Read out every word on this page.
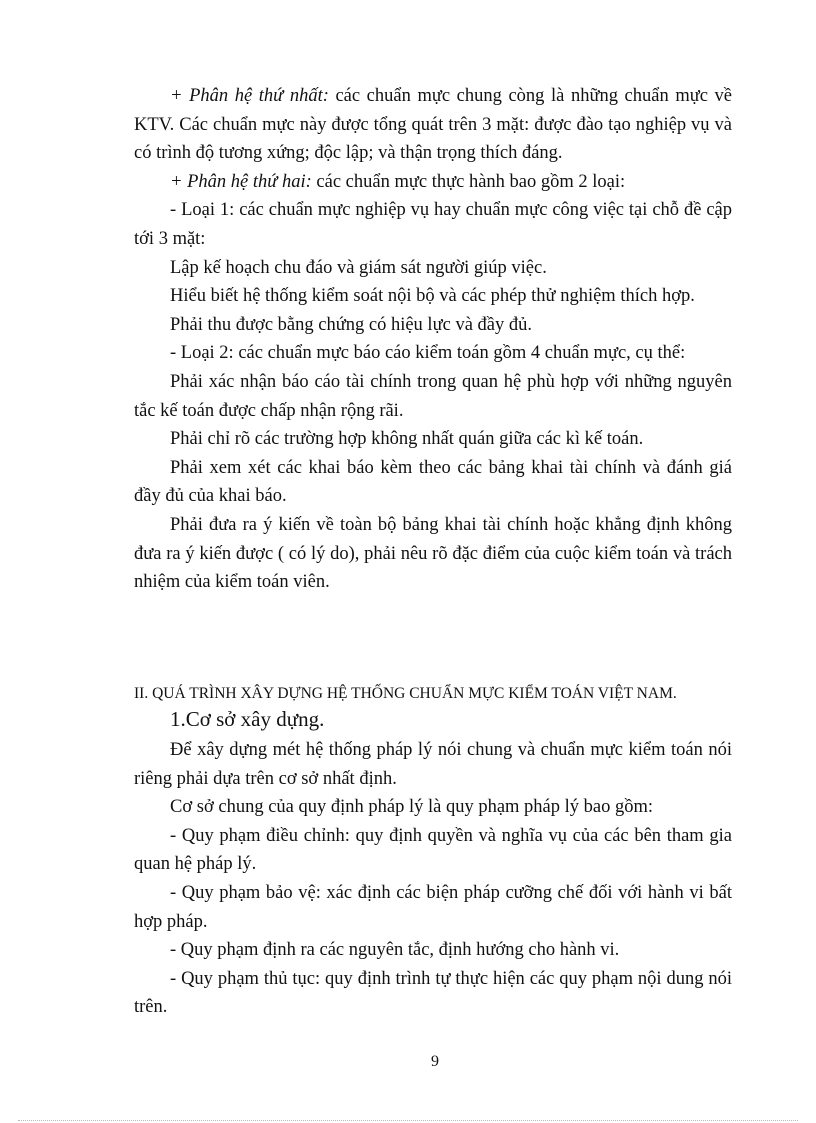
+ Phân hệ thứ nhất: các chuẩn mực chung còng là những chuẩn mực về KTV. Các chuẩn mực này được tổng quát trên 3 mặt: được đào tạo nghiệp vụ và có trình độ tương xứng; độc lập; và thận trọng thích đáng.

+ Phân hệ thứ hai: các chuẩn mực thực hành bao gồm 2 loại:

- Loại 1: các chuẩn mực nghiệp vụ hay chuẩn mực công việc tại chỗ đề cập tới 3 mặt:

Lập kế hoạch chu đáo và giám sát người giúp việc.

Hiểu biết hệ thống kiểm soát nội bộ và các phép thử nghiệm thích hợp.

Phải thu được bằng chứng có hiệu lực và đầy đủ.

- Loại 2: các chuẩn mực báo cáo kiểm toán gồm 4 chuẩn mực, cụ thể:

Phải xác nhận báo cáo tài chính trong quan hệ phù hợp với những nguyên tắc kế toán được chấp nhận rộng rãi.

Phải chỉ rõ các trường hợp không nhất quán giữa các kì kế toán.

Phải xem xét các khai báo kèm theo các bảng khai tài chính và đánh giá đầy đủ của khai báo.

Phải đưa ra ý kiến về toàn bộ bảng khai tài chính hoặc khẳng định không đưa ra ý kiến được ( có lý do), phải nêu rõ đặc điểm của cuộc kiểm toán và trách nhiệm của kiểm toán viên.

II. QUÁ TRÌNH XÂY DỰNG HỆ THỐNG CHUẨN MỰC KIỂM TOÁN VIỆT NAM.

1.Cơ sở xây dựng.

Để xây dựng mét hệ thống pháp lý nói chung và chuẩn mực kiểm toán nói riêng phải dựa trên cơ sở nhất định.

Cơ sở chung của quy định pháp lý là quy phạm pháp lý bao gồm:

- Quy phạm điều chỉnh: quy định quyền và nghĩa vụ của các bên tham gia quan hệ pháp lý.

- Quy phạm bảo vệ: xác định các biện pháp cưỡng chế đối với hành vi bất hợp pháp.

- Quy phạm định ra các nguyên tắc, định hướng cho hành vi.

- Quy phạm thủ tục: quy định trình tự thực hiện các quy phạm nội dung nói trên.

9
